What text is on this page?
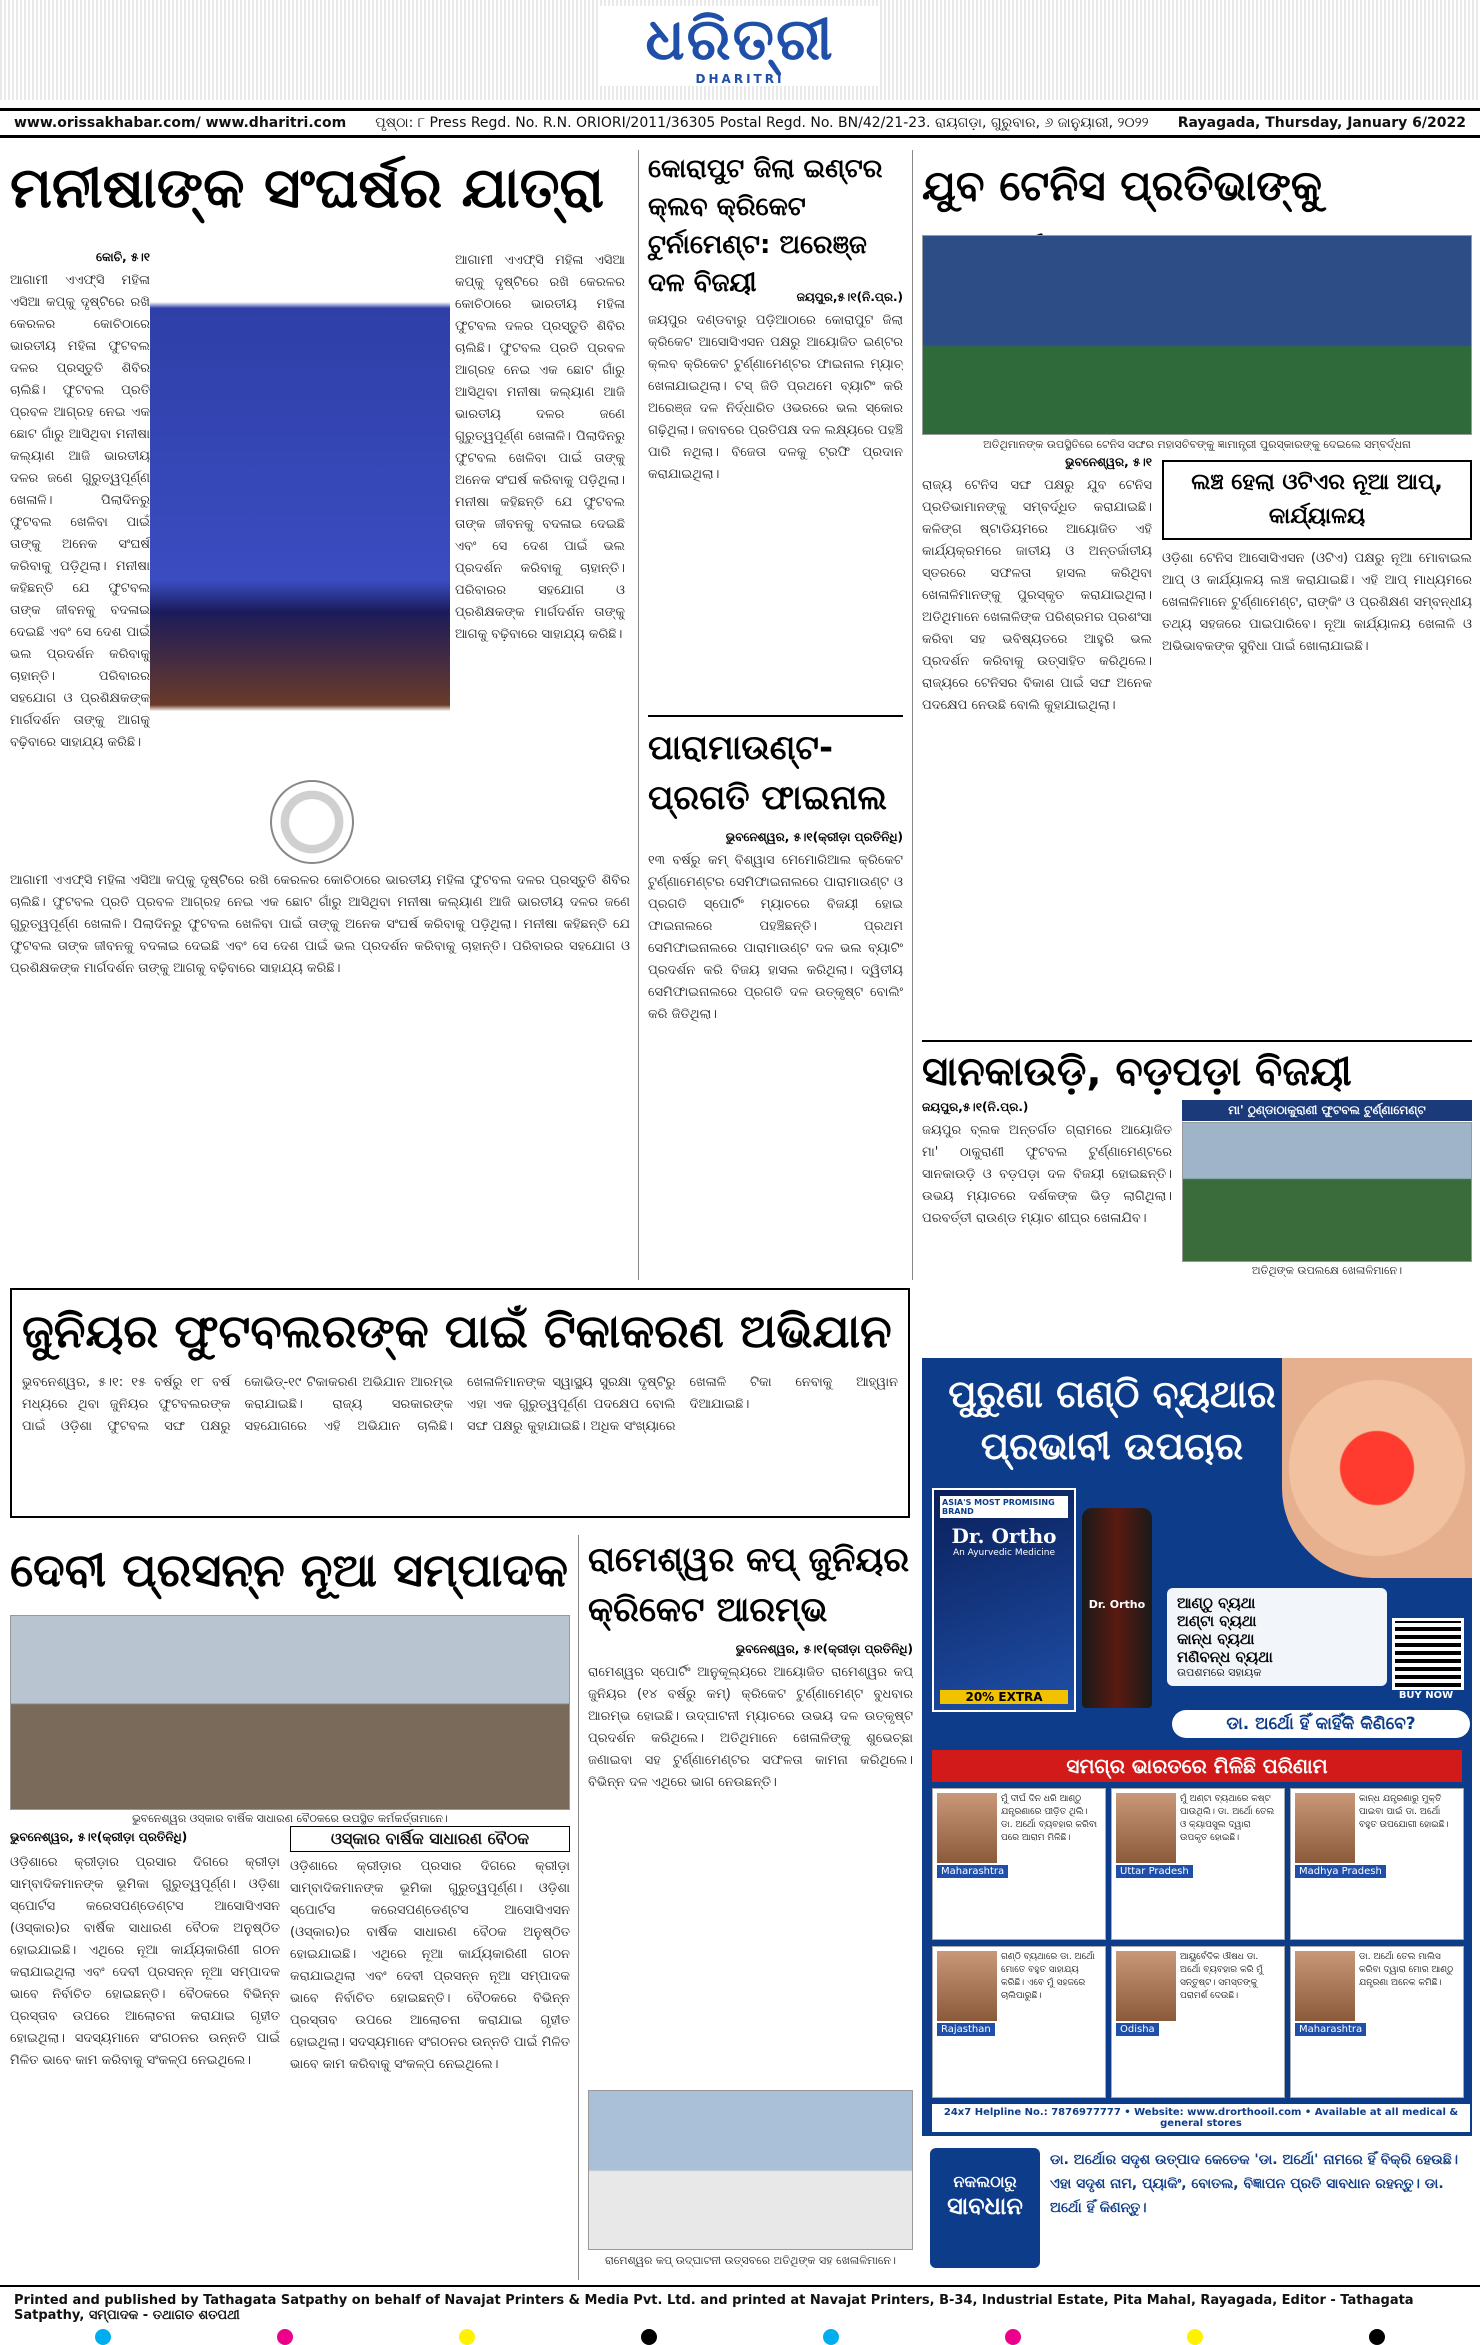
ଧରିତ୍ରୀ
DHARITRI
www.orissakhabar.com/ www.dharitri.com ପୃଷ୍ଠା: ୮ Press Regd. No. R.N. ORIORI/2011/36305 Postal Regd. No. BN/42/21-23. ରାୟଗଡ଼ା, ଗୁରୁବାର, ୬ ଜାନୁୟାରୀ, ୨୦୨୨ Rayagada, Thursday, January 6/2022
ମନୀଷାଙ୍କ ସଂଘର୍ଷର ଯାତ୍ରା
କୋଚି, ୫।୧
ଆଗାମୀ ଏଏଫ୍‌ସି ମହିଳା ଏସିଆ କପ୍‌କୁ ଦୃଷ୍ଟିରେ ରଖି କେରଳର କୋଚିଠାରେ ଭାରତୀୟ ମହିଳା ଫୁଟବଲ ଦଳର ପ୍ରସ୍ତୁତି ଶିବିର ଚାଲିଛି। ଫୁଟବଲ ପ୍ରତି ପ୍ରବଳ ଆଗ୍ରହ ନେଇ ଏକ ଛୋଟ ଗାଁରୁ ଆସିଥିବା ମନୀଷା କଲ୍ୟାଣ ଆଜି ଭାରତୀୟ ଦଳର ଜଣେ ଗୁରୁତ୍ୱପୂର୍ଣ୍ଣ ଖେଳାଳି। ପିଲାଦିନରୁ ଫୁଟବଲ ଖେଳିବା ପାଇଁ ତାଙ୍କୁ ଅନେକ ସଂଘର୍ଷ କରିବାକୁ ପଡ଼ିଥିଲା। ମନୀଷା କହିଛନ୍ତି ଯେ ଫୁଟବଲ ତାଙ୍କ ଜୀବନକୁ ବଦଳାଇ ଦେଇଛି ଏବଂ ସେ ଦେଶ ପାଇଁ ଭଲ ପ୍ରଦର୍ଶନ କରିବାକୁ ଚାହାନ୍ତି। ପରିବାରର ସହଯୋଗ ଓ ପ୍ରଶିକ୍ଷକଙ୍କ ମାର୍ଗଦର୍ଶନ ତାଙ୍କୁ ଆଗକୁ ବଢ଼ିବାରେ ସାହାଯ୍ୟ କରିଛି।
ଆଗାମୀ ଏଏଫ୍‌ସି ମହିଳା ଏସିଆ କପ୍‌କୁ ଦୃଷ୍ଟିରେ ରଖି କେରଳର କୋଚିଠାରେ ଭାରତୀୟ ମହିଳା ଫୁଟବଲ ଦଳର ପ୍ରସ୍ତୁତି ଶିବିର ଚାଲିଛି। ଫୁଟବଲ ପ୍ରତି ପ୍ରବଳ ଆଗ୍ରହ ନେଇ ଏକ ଛୋଟ ଗାଁରୁ ଆସିଥିବା ମନୀଷା କଲ୍ୟାଣ ଆଜି ଭାରତୀୟ ଦଳର ଜଣେ ଗୁରୁତ୍ୱପୂର୍ଣ୍ଣ ଖେଳାଳି। ପିଲାଦିନରୁ ଫୁଟବଲ ଖେଳିବା ପାଇଁ ତାଙ୍କୁ ଅନେକ ସଂଘର୍ଷ କରିବାକୁ ପଡ଼ିଥିଲା। ମନୀଷା କହିଛନ୍ତି ଯେ ଫୁଟବଲ ତାଙ୍କ ଜୀବନକୁ ବଦଳାଇ ଦେଇଛି ଏବଂ ସେ ଦେଶ ପାଇଁ ଭଲ ପ୍ରଦର୍ଶନ କରିବାକୁ ଚାହାନ୍ତି। ପରିବାରର ସହଯୋଗ ଓ ପ୍ରଶିକ୍ଷକଙ୍କ ମାର୍ଗଦର୍ଶନ ତାଙ୍କୁ ଆଗକୁ ବଢ଼ିବାରେ ସାହାଯ୍ୟ କରିଛି।
ଆଗାମୀ ଏଏଫ୍‌ସି ମହିଳା ଏସିଆ କପ୍‌କୁ ଦୃଷ୍ଟିରେ ରଖି କେରଳର କୋଚିଠାରେ ଭାରତୀୟ ମହିଳା ଫୁଟବଲ ଦଳର ପ୍ରସ୍ତୁତି ଶିବିର ଚାଲିଛି। ଫୁଟବଲ ପ୍ରତି ପ୍ରବଳ ଆଗ୍ରହ ନେଇ ଏକ ଛୋଟ ଗାଁରୁ ଆସିଥିବା ମନୀଷା କଲ୍ୟାଣ ଆଜି ଭାରତୀୟ ଦଳର ଜଣେ ଗୁରୁତ୍ୱପୂର୍ଣ୍ଣ ଖେଳାଳି। ପିଲାଦିନରୁ ଫୁଟବଲ ଖେଳିବା ପାଇଁ ତାଙ୍କୁ ଅନେକ ସଂଘର୍ଷ କରିବାକୁ ପଡ଼ିଥିଲା। ମନୀଷା କହିଛନ୍ତି ଯେ ଫୁଟବଲ ତାଙ୍କ ଜୀବନକୁ ବଦଳାଇ ଦେଇଛି ଏବଂ ସେ ଦେଶ ପାଇଁ ଭଲ ପ୍ରଦର୍ଶନ କରିବାକୁ ଚାହାନ୍ତି। ପରିବାରର ସହଯୋଗ ଓ ପ୍ରଶିକ୍ଷକଙ୍କ ମାର୍ଗଦର୍ଶନ ତାଙ୍କୁ ଆଗକୁ ବଢ଼ିବାରେ ସାହାଯ୍ୟ କରିଛି।
କୋରାପୁଟ ଜିଲା ଇଣ୍ଟର କ୍ଲବ କ୍ରିକେଟ ଟୁର୍ନାମେଣ୍ଟ: ଅରେଞ୍ଜ ଦଳ ବିଜୟୀ	ଜୟପୁର,୫।୧(ନି.ପ୍ର.)
ଜୟପୁର ଦଣ୍ଡବାରୁ ପଡ଼ିଆଠାରେ କୋରାପୁଟ ଜିଲା କ୍ରିକେଟ ଆସୋସିଏସନ ପକ୍ଷରୁ ଆୟୋଜିତ ଇଣ୍ଟର କ୍ଲବ କ୍ରିକେଟ ଟୁର୍ଣ୍ଣାମେଣ୍ଟର ଫାଇନାଲ ମ୍ୟାଚ୍ ଖେଳାଯାଇଥିଲା। ଟସ୍ ଜିତି ପ୍ରଥମେ ବ୍ୟାଟିଂ କରି ଅରେଞ୍ଜ ଦଳ ନିର୍ଦ୍ଧାରିତ ଓଭରରେ ଭଲ ସ୍କୋର ଗଢ଼ିଥିଲା। ଜବାବରେ ପ୍ରତିପକ୍ଷ ଦଳ ଲକ୍ଷ୍ୟରେ ପହଞ୍ଚି ପାରି ନଥିଲା। ବିଜେତା ଦଳକୁ ଟ୍ରଫି ପ୍ରଦାନ କରାଯାଇଥିଲା।
ପାରାମାଉଣ୍ଟ- ପ୍ରଗତି ଫାଇନାଲ
ଭୁବନେଶ୍ୱର, ୫।୧(କ୍ରୀଡ଼ା ପ୍ରତିନିଧି)
୧୩ ବର୍ଷରୁ କମ୍ ବିଶ୍ୱାସ ମେମୋରିଆଲ କ୍ରିକେଟ ଟୁର୍ଣ୍ଣାମେଣ୍ଟର ସେମିଫାଇନାଲରେ ପାରାମାଉଣ୍ଟ ଓ ପ୍ରଗତି ସ୍ପୋର୍ଟିଂ ମ୍ୟାଚରେ ବିଜୟୀ ହୋଇ ଫାଇନାଲରେ ପହଞ୍ଚିଛନ୍ତି। ପ୍ରଥମ ସେମିଫାଇନାଲରେ ପାରାମାଉଣ୍ଟ ଦଳ ଭଲ ବ୍ୟାଟିଂ ପ୍ରଦର୍ଶନ କରି ବିଜୟ ହାସଲ କରିଥିଲା। ଦ୍ୱିତୀୟ ସେମିଫାଇନାଲରେ ପ୍ରଗତି ଦଳ ଉତ୍କୃଷ୍ଟ ବୋଲିଂ କରି ଜିତିଥିଲା।
ଯୁବ ଟେନିସ ପ୍ରତିଭାଙ୍କୁ
ଅତିଥିମାନଙ୍କ ଉପସ୍ଥିତିରେ ଟେନିସ ସଙ୍ଘର ମହାସଚିବଙ୍କୁ ଜ୍ଞାମାନ୍ତ୍ରୀ ପୁରସ୍କାରଙ୍କୁ ଦେଇଲେ ସମ୍ବର୍ଦ୍ଧନା
ଭୁବନେଶ୍ୱର, ୫।୧
ରାଜ୍ୟ ଟେନିସ ସଙ୍ଘ ପକ୍ଷରୁ ଯୁବ ଟେନିସ ପ୍ରତିଭାମାନଙ୍କୁ ସମ୍ବର୍ଦ୍ଧିତ କରାଯାଇଛି। କଳିଙ୍ଗ ଷ୍ଟାଡିୟମରେ ଆୟୋଜିତ ଏହି କାର୍ଯ୍ୟକ୍ରମରେ ଜାତୀୟ ଓ ଅନ୍ତର୍ଜାତୀୟ ସ୍ତରରେ ସଫଳତା ହାସଲ କରିଥିବା ଖେଳାଳିମାନଙ୍କୁ ପୁରସ୍କୃତ କରାଯାଇଥିଲା। ଅତିଥିମାନେ ଖେଳାଳିଙ୍କ ପରିଶ୍ରମର ପ୍ରଶଂସା କରିବା ସହ ଭବିଷ୍ୟତରେ ଆହୁରି ଭଲ ପ୍ରଦର୍ଶନ କରିବାକୁ ଉତ୍ସାହିତ କରିଥିଲେ। ରାଜ୍ୟରେ ଟେନିସର ବିକାଶ ପାଇଁ ସଙ୍ଘ ଅନେକ ପଦକ୍ଷେପ ନେଉଛି ବୋଲି କୁହାଯାଇଥିଲା।
ଲଞ୍ଚ ହେଲା ଓଟିଏର ନୂଆ ଆପ୍, କାର୍ଯ୍ୟାଳୟ
ଓଡ଼ିଶା ଟେନିସ ଆସୋସିଏସନ (ଓଟିଏ) ପକ୍ଷରୁ ନୂଆ ମୋବାଇଲ ଆପ୍ ଓ କାର୍ଯ୍ୟାଳୟ ଲଞ୍ଚ କରାଯାଇଛି। ଏହି ଆପ୍ ମାଧ୍ୟମରେ ଖେଳାଳିମାନେ ଟୁର୍ଣ୍ଣାମେଣ୍ଟ, ରାଙ୍କିଂ ଓ ପ୍ରଶିକ୍ଷଣ ସମ୍ବନ୍ଧୀୟ ତଥ୍ୟ ସହଜରେ ପାଇପାରିବେ। ନୂଆ କାର୍ଯ୍ୟାଳୟ ଖେଳାଳି ଓ ଅଭିଭାବକଙ୍କ ସୁବିଧା ପାଇଁ ଖୋଲାଯାଇଛି।
ସାନକାଉଡ଼ି, ବଡ଼ପଡ଼ା ବିଜୟୀ
ଜୟପୁର,୫।୧(ନି.ପ୍ର.)
ଜୟପୁର ବ୍ଲକ ଅନ୍ତର୍ଗତ ଗ୍ରାମରେ ଆୟୋଜିତ ମା' ଠାକୁରାଣୀ ଫୁଟବଲ ଟୁର୍ଣ୍ଣାମେଣ୍ଟରେ ସାନକାଉଡ଼ି ଓ ବଡ଼ପଡ଼ା ଦଳ ବିଜୟୀ ହୋଇଛନ୍ତି। ଉଭୟ ମ୍ୟାଚରେ ଦର୍ଶକଙ୍କ ଭିଡ଼ ଲାଗିଥିଲା। ପରବର୍ତ୍ତୀ ରାଉଣ୍ଡ ମ୍ୟାଚ ଶୀଘ୍ର ଖେଳାଯିବ।
ମା' ଠୁଣ୍ଡାଠାକୁରାଣୀ ଫୁଟବଲ ଟୁର୍ଣ୍ଣାମେଣ୍ଟ
ଅତିଥିଙ୍କ ଉପଲକ୍ଷେ ଖେଳାଳିମାନେ।
ଜୁନିୟର ଫୁଟବଲରଙ୍କ ପାଇଁ ଟିକାକରଣ ଅଭିଯାନ
ଭୁବନେଶ୍ୱର, ୫।୧: ୧୫ ବର୍ଷରୁ ୧୮ ବର୍ଷ ମଧ୍ୟରେ ଥିବା ଜୁନିୟର ଫୁଟବଲରଙ୍କ ପାଇଁ ଓଡ଼ିଶା ଫୁଟବଲ ସଙ୍ଘ ପକ୍ଷରୁ କୋଭିଡ୍-୧୯ ଟିକାକରଣ ଅଭିଯାନ ଆରମ୍ଭ କରାଯାଇଛି। ରାଜ୍ୟ ସରକାରଙ୍କ ସହଯୋଗରେ ଏହି ଅଭିଯାନ ଚାଲିଛି। ଖେଳାଳିମାନଙ୍କ ସ୍ୱାସ୍ଥ୍ୟ ସୁରକ୍ଷା ଦୃଷ୍ଟିରୁ ଏହା ଏକ ଗୁରୁତ୍ୱପୂର୍ଣ୍ଣ ପଦକ୍ଷେପ ବୋଲି ସଙ୍ଘ ପକ୍ଷରୁ କୁହାଯାଇଛି। ଅଧିକ ସଂଖ୍ୟାରେ ଖେଳାଳି ଟିକା ନେବାକୁ ଆହ୍ୱାନ ଦିଆଯାଇଛି।
ଦେବୀ ପ୍ରସନ୍ନ ନୂଆ ସମ୍ପାଦକ
ଭୁବନେଶ୍ୱର ଓସ୍କାର ବାର୍ଷିକ ସାଧାରଣ ବୈଠକରେ ଉପସ୍ଥିତ କର୍ମକର୍ତ୍ତାମାନେ।
ଭୁବନେଶ୍ୱର, ୫।୧(କ୍ରୀଡ଼ା ପ୍ରତିନିଧି)	ଓସ୍କାର ବାର୍ଷିକ ସାଧାରଣ ବୈଠକ
ଓଡ଼ିଶାରେ କ୍ରୀଡ଼ାର ପ୍ରସାର ଦିଗରେ କ୍ରୀଡ଼ା ସାମ୍ବାଦିକମାନଙ୍କ ଭୂମିକା ଗୁରୁତ୍ୱପୂର୍ଣ୍ଣ। ଓଡ଼ିଶା ସ୍ପୋର୍ଟସ କରେସପଣ୍ଡେଣ୍ଟସ ଆସୋସିଏସନ (ଓସ୍କାର)ର ବାର୍ଷିକ ସାଧାରଣ ବୈଠକ ଅନୁଷ୍ଠିତ ହୋଇଯାଇଛି। ଏଥିରେ ନୂଆ କାର୍ଯ୍ୟକାରିଣୀ ଗଠନ କରାଯାଇଥିଲା ଏବଂ ଦେବୀ ପ୍ରସନ୍ନ ନୂଆ ସମ୍ପାଦକ ଭାବେ ନିର୍ବାଚିତ ହୋଇଛନ୍ତି। ବୈଠକରେ ବିଭିନ୍ନ ପ୍ରସ୍ତାବ ଉପରେ ଆଲୋଚନା କରାଯାଇ ଗୃହୀତ ହୋଇଥିଲା। ସଦସ୍ୟମାନେ ସଂଗଠନର ଉନ୍ନତି ପାଇଁ ମିଳିତ ଭାବେ କାମ କରିବାକୁ ସଂକଳ୍ପ ନେଇଥିଲେ।
ଓଡ଼ିଶାରେ କ୍ରୀଡ଼ାର ପ୍ରସାର ଦିଗରେ କ୍ରୀଡ଼ା ସାମ୍ବାଦିକମାନଙ୍କ ଭୂମିକା ଗୁରୁତ୍ୱପୂର୍ଣ୍ଣ। ଓଡ଼ିଶା ସ୍ପୋର୍ଟସ କରେସପଣ୍ଡେଣ୍ଟସ ଆସୋସିଏସନ (ଓସ୍କାର)ର ବାର୍ଷିକ ସାଧାରଣ ବୈଠକ ଅନୁଷ୍ଠିତ ହୋଇଯାଇଛି। ଏଥିରେ ନୂଆ କାର୍ଯ୍ୟକାରିଣୀ ଗଠନ କରାଯାଇଥିଲା ଏବଂ ଦେବୀ ପ୍ରସନ୍ନ ନୂଆ ସମ୍ପାଦକ ଭାବେ ନିର୍ବାଚିତ ହୋଇଛନ୍ତି। ବୈଠକରେ ବିଭିନ୍ନ ପ୍ରସ୍ତାବ ଉପରେ ଆଲୋଚନା କରାଯାଇ ଗୃହୀତ ହୋଇଥିଲା। ସଦସ୍ୟମାନେ ସଂଗଠନର ଉନ୍ନତି ପାଇଁ ମିଳିତ ଭାବେ କାମ କରିବାକୁ ସଂକଳ୍ପ ନେଇଥିଲେ।
ରାମେଶ୍ୱର କପ୍ ଜୁନିୟର କ୍ରିକେଟ ଆରମ୍ଭ
ଭୁବନେଶ୍ୱର, ୫।୧(କ୍ରୀଡ଼ା ପ୍ରତିନିଧି)
ରାମେଶ୍ୱର ସ୍ପୋର୍ଟିଂ ଆନୁକୂଲ୍ୟରେ ଆୟୋଜିତ ରାମେଶ୍ୱର କପ୍ ଜୁନିୟର (୧୪ ବର୍ଷରୁ କମ୍) କ୍ରିକେଟ ଟୁର୍ଣ୍ଣାମେଣ୍ଟ ବୁଧବାର ଆରମ୍ଭ ହୋଇଛି। ଉଦ୍‌ଘାଟନୀ ମ୍ୟାଚରେ ଉଭୟ ଦଳ ଉତ୍କୃଷ୍ଟ ପ୍ରଦର୍ଶନ କରିଥିଲେ। ଅତିଥିମାନେ ଖେଳାଳିଙ୍କୁ ଶୁଭେଚ୍ଛା ଜଣାଇବା ସହ ଟୁର୍ଣ୍ଣାମେଣ୍ଟର ସଫଳତା କାମନା କରିଥିଲେ। ବିଭିନ୍ନ ଦଳ ଏଥିରେ ଭାଗ ନେଉଛନ୍ତି।
ରାମେଶ୍ୱର କପ୍ ଉଦ୍‌ଘାଟନୀ ଉତ୍ସବରେ ଅତିଥିଙ୍କ ସହ ଖେଳାଳିମାନେ।
ପୁରୁଣା ଗଣ୍ଠି ବ୍ୟଥାର
ପ୍ରଭାବୀ ଉପଚାର
ASIA'S MOST PROMISING BRAND
Dr. Ortho
An Ayurvedic Medicine
20% EXTRA
Dr. Ortho	ଆଣ୍ଠୁ ବ୍ୟଥା
ଅଣ୍ଟା ବ୍ୟଥା
କାନ୍ଧ ବ୍ୟଥା
ମଣିବନ୍ଧ ବ୍ୟଥା
ଉପଶମରେ ସହାୟକ
BUY NOW
ଡା. ଅର୍ଥୋ ହିଁ କାହିଁକି କିଣିବେ?
ସମଗ୍ର ଭାରତରେ ମିଳିଛି ପରିଣାମ
Maharashtra
ମୁଁ ଦୀର୍ଘ ଦିନ ଧରି ଆଣ୍ଠୁ ଯନ୍ତ୍ରଣାରେ ପୀଡ଼ିତ ଥିଲି। ଡା. ଅର୍ଥୋ ବ୍ୟବହାର କରିବା ପରେ ଆରାମ ମିଳିଛି।
Uttar Pradesh
ମୁଁ ଅଣ୍ଟା ବ୍ୟଥାରେ କଷ୍ଟ ପାଉଥିଲି। ଡା. ଅର୍ଥୋ ତେଲ ଓ କ୍ୟାପସୁଲ ଦ୍ୱାରା ଉପକୃତ ହୋଇଛି।
Madhya Pradesh
କାନ୍ଧ ଯନ୍ତ୍ରଣାରୁ ମୁକ୍ତି ପାଇବା ପାଇଁ ଡା. ଅର୍ଥୋ ବହୁତ ଉପଯୋଗୀ ହୋଇଛି।
Rajasthan
ଗଣ୍ଠି ବ୍ୟଥାରେ ଡା. ଅର୍ଥୋ ମୋତେ ବହୁତ ସାହାଯ୍ୟ କରିଛି। ଏବେ ମୁଁ ସହଜରେ ଚାଲିପାରୁଛି।
Odisha
ଆୟୁର୍ବେଦିକ ଔଷଧ ଡା. ଅର୍ଥୋ ବ୍ୟବହାର କରି ମୁଁ ସନ୍ତୁଷ୍ଟ। ସମସ୍ତଙ୍କୁ ପରାମର୍ଶ ଦେଉଛି।
Maharashtra
ଡା. ଅର୍ଥୋ ତେଲ ମାଲିସ କରିବା ଦ୍ୱାରା ମୋର ଆଣ୍ଠୁ ଯନ୍ତ୍ରଣା ଅନେକ କମିଛି।
24x7 Helpline No.: 7876977777 • Website: www.drorthooil.com • Available at all medical & general stores
ନକଲଠାରୁ
ସାବଧାନ
ଡା. ଅର୍ଥୋର ସଦୃଶ ଉତ୍ପାଦ କେତେକ 'ଡା. ଅର୍ଥୋ' ନାମରେ ହିଁ ବିକ୍ରି ହେଉଛି। ଏହା ସଦୃଶ ନାମ, ପ୍ୟାକିଂ, ବୋତଲ, ବିଜ୍ଞାପନ ପ୍ରତି ସାବଧାନ ରହନ୍ତୁ। ଡା. ଅର୍ଥୋ ହିଁ କିଣନ୍ତୁ।
Printed and published by Tathagata Satpathy on behalf of Navajat Printers & Media Pvt. Ltd. and printed at Navajat Printers, B-34, Industrial Estate, Pita Mahal, Rayagada, Editor - Tathagata Satpathy, ସମ୍ପାଦକ - ତଥାଗତ ଶତପଥୀ
